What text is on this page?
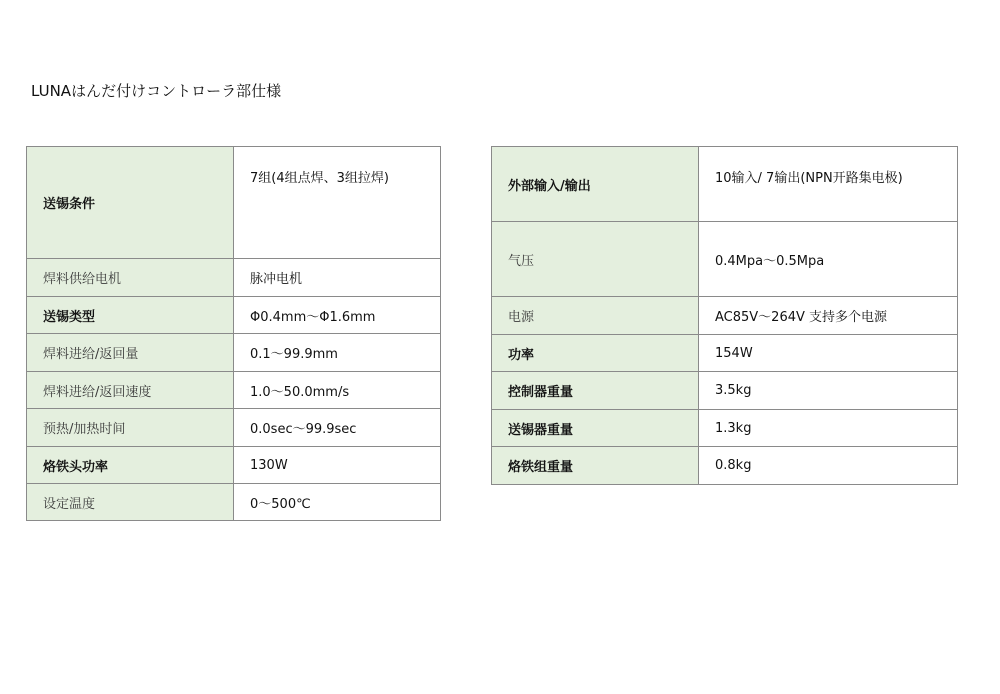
LUNAはんだ付けコントローラ部仕様
送锡条件	7组(4组点焊、3组拉焊)
焊料供给电机	脉冲电机
送锡类型	Φ0.4mm～Φ1.6mm
焊料进给/返回量	0.1～99.9mm
焊料进给/返回速度	1.0～50.0mm/s
预热/加热时间	0.0sec～99.9sec
烙铁头功率	130W
设定温度	0～500℃
外部输入/输出	10输入/ 7输出(NPN开路集电极)
气压	0.4Mpa～0.5Mpa
电源	AC85V～264V 支持多个电源
功率	154W
控制器重量	3.5kg
送锡器重量	1.3kg
烙铁组重量	0.8kg
